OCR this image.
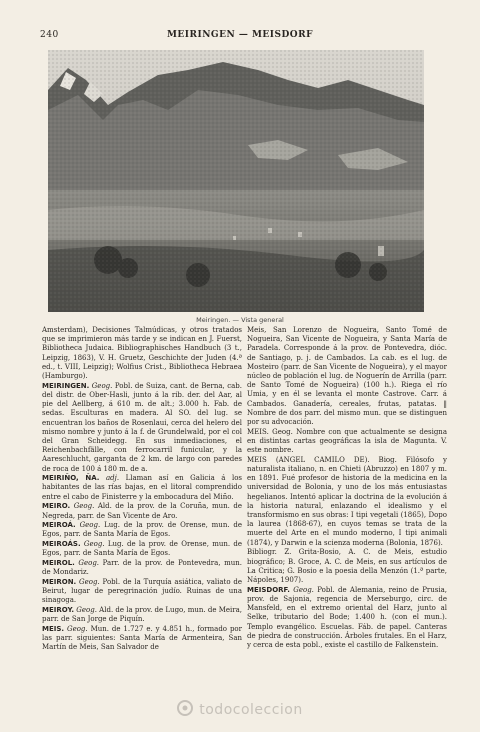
240	MEIRINGEN — MEISDORF
Meiringen. — Vista general

Amsterdam), Decisiones Talmúdicas, y otros tratados que se imprimieron más tarde y se indican en J. Fuerst, Bibliotheca Judaica. Bibliographisches Handbuch (3 t., Leipzig, 1863), V. H. Gruetz, Geschichte der Juden (4.ª ed., t. VIII, Leipzig); Wolfius Crist., Bibliotheca Hebraea (Hamburgo).

MEIRINGEN. Geog. Pobl. de Suiza, cant. de Berna, cab. del distr. de Ober-Hasli, junto á la rib. der. del Aar, al pie del Aellberg, á 610 m. de alt.; 3.000 h. Fab. de sedas. Esculturas en madera. Al SO. del lug. se encuentran los baños de Rosenlaui, cerca del helero del mismo nombre y junto á la f. de Grundelwald, por el col del Gran Scheidegg. En sus inmediaciones, el Reichenbachfälle, con ferrocarril funicular, y la Aareschlucht, garganta de 2 km. de largo con paredes de roca de 100 á 180 m. de a.

MEIRIÑO, ÑA. adj. Llaman así en Galicia á los habitantes de las rías bajas, en el litoral comprendido entre el cabo de Finisterre y la embocadura del Miño.

MEIRO. Geog. Ald. de la prov. de la Coruña, mun. de Negreda, parr. de San Vicente de Aro.

MEIROÁ. Geog. Lug. de la prov. de Orense, mun. de Egos, parr. de Santa María de Egos.

MEIROÁS. Geog. Lug. de la prov. de Orense, mun. de Egos, parr. de Santa María de Egos.

MEIROL. Geog. Parr. de la prov. de Pontevedra, mun. de Mondariz.

MEIRON. Geog. Pobl. de la Turquía asiática, valiato de Beirut, lugar de peregrinación judío. Ruinas de una sinagoga.

MEIROY. Geog. Ald. de la prov. de Lugo, mun. de Meira, parr. de San Jorge de Piquín.

MEIS. Geog. Mun. de 1.727 e. y 4.851 h., formado por las parr. siguientes: Santa María de Armenteira, San Martín de Meis, San Salvador de

Meis, San Lorenzo de Nogueira, Santo Tomé de Nogueira, San Vicente de Nogueira, y Santa María de Paradela. Corresponde á la prov. de Pontevedra, dióc. de Santiago, p. j. de Cambados. La cab. es el lug. de Mosteiro (parr. de San Vicente de Nogueira), y el mayor núcleo de población el lug. de Noguerín de Arrilla (parr. de Santo Tomé de Nogueira) (100 h.). Riega el río Umia, y en él se levanta el monte Castrove. Carr. á Cambados. Ganadería, cereales, frutas, patatas. ‖ Nombre de dos parr. del mismo mun. que se distinguen por su advocación.

MEIS. Geog. Nombre con que actualmente se designa en distintas cartas geográficas la isla de Magunta. V. este nombre.

MEIS (ANGEL CAMILO DE). Biog. Filósofo y naturalista italiano, n. en Chieti (Abruzzo) en 1807 y m. en 1891. Fué profesor de historia de la medicina en la universidad de Bolonia, y uno de los más entusiastas hegelianos. Intentó aplicar la doctrina de la evolución á la historia natural, enlazando el idealismo y el transformismo en sus obras: I tipi vegetali (1865), Dopo la laurea (1868-67), en cuyos temas se trata de la muerte del Arte en el mundo moderno, I tipi animali (1874), y Darwin e la scienza moderna (Bolonia, 1876).

Bibliogr. Z. Grita-Bosio, A. C. de Meis, estudio biográfico; B. Groce, A. C. de Meis, en sus artículos de La Critica; G. Bosio e la poesia della Menzón (1.ª parte, Nápoles, 1907).

MEISDORF. Geog. Pobl. de Alemania, reino de Prusia, prov. de Sajonia, regencia de Merseburgo, circ. de Mansfeld, en el extremo oriental del Harz, junto al Selke, tributario del Bode; 1.400 h. (con el mun.). Templo evangélico. Escuelas. Fáb. de papel. Canteras de piedra de construcción. Árboles frutales. En el Harz, y cerca de esta pobl., existe el castillo de Falkenstein.

todocoleccion
